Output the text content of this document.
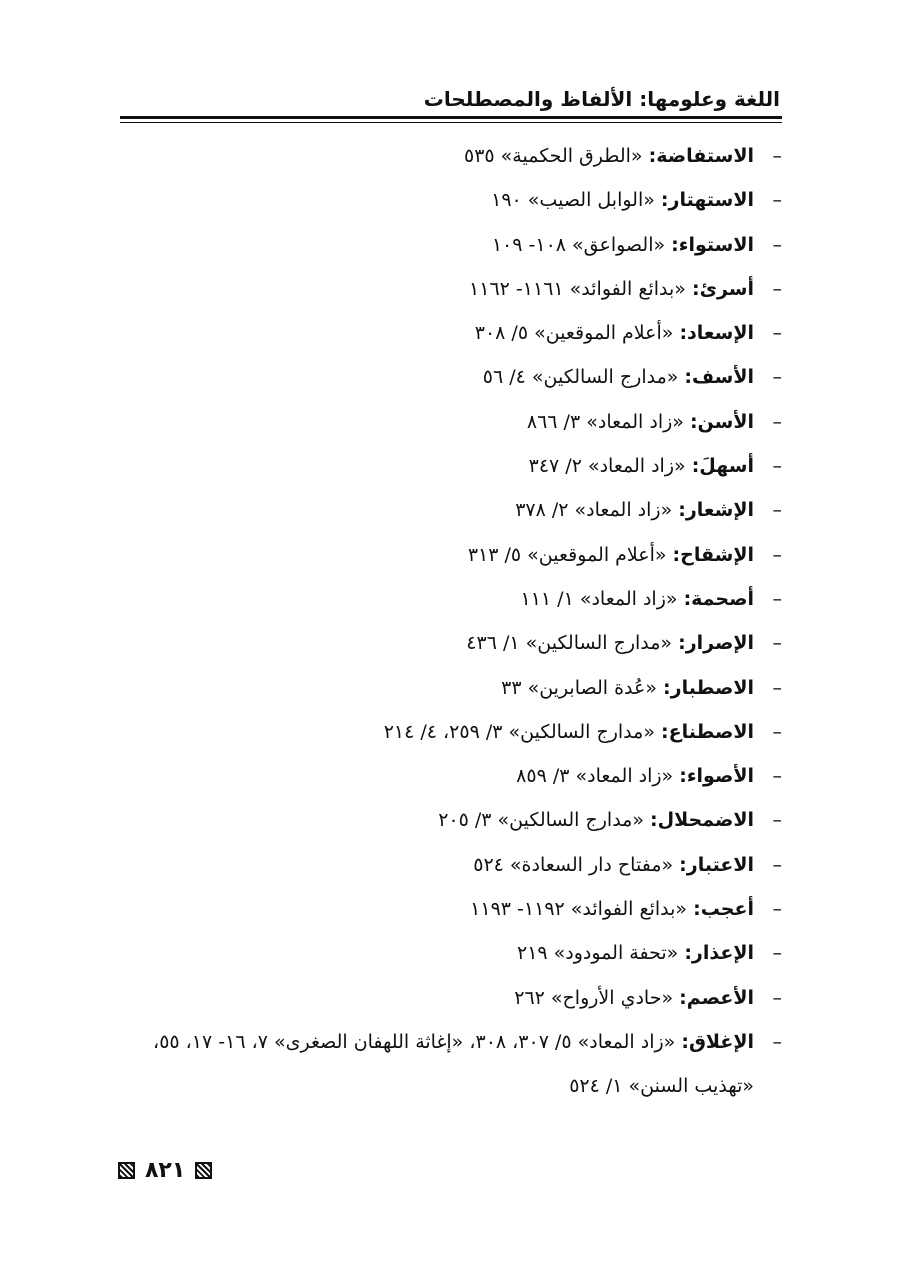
اللغة وعلومها: الألفاظ والمصطلحات
–
الاستفاضة: «الطرق الحكمية» ٥٣٥
–
الاستهتار: «الوابل الصيب» ١٩٠
–
الاستواء: «الصواعق» ١٠٨- ١٠٩
–
أسرئ: «بدائع الفوائد» ١١٦١- ١١٦٢
–
الإسعاد: «أعلام الموقعين» ٥/ ٣٠٨
–
الأسف: «مدارج السالكين» ٤/ ٥٦
–
الأسن: «زاد المعاد» ٣/ ٨٦٦
–
أسهلَ: «زاد المعاد» ٢/ ٣٤٧
–
الإشعار: «زاد المعاد» ٢/ ٣٧٨
–
الإشقاح: «أعلام الموقعين» ٥/ ٣١٣
–
أصحمة: «زاد المعاد» ١/ ١١١
–
الإصرار: «مدارج السالكين» ١/ ٤٣٦
–
الاصطبار: «عُدة الصابرين» ٣٣
–
الاصطناع: «مدارج السالكين» ٣/ ٢٥٩، ٤/ ٢١٤
–
الأصواء: «زاد المعاد» ٣/ ٨٥٩
–
الاضمحلال: «مدارج السالكين» ٣/ ٢٠٥
–
الاعتبار: «مفتاح دار السعادة» ٥٢٤
–
أعجب: «بدائع الفوائد» ١١٩٢- ١١٩٣
–
الإعذار: «تحفة المودود» ٢١٩
–
الأعصم: «حادي الأرواح» ٢٦٢
–
الإغلاق: «زاد المعاد» ٥/ ٣٠٧، ٣٠٨، «إغاثة اللهفان الصغرى» ٧، ١٦- ١٧، ٥٥، «تهذيب السنن» ١/ ٥٢٤
٨٢١
